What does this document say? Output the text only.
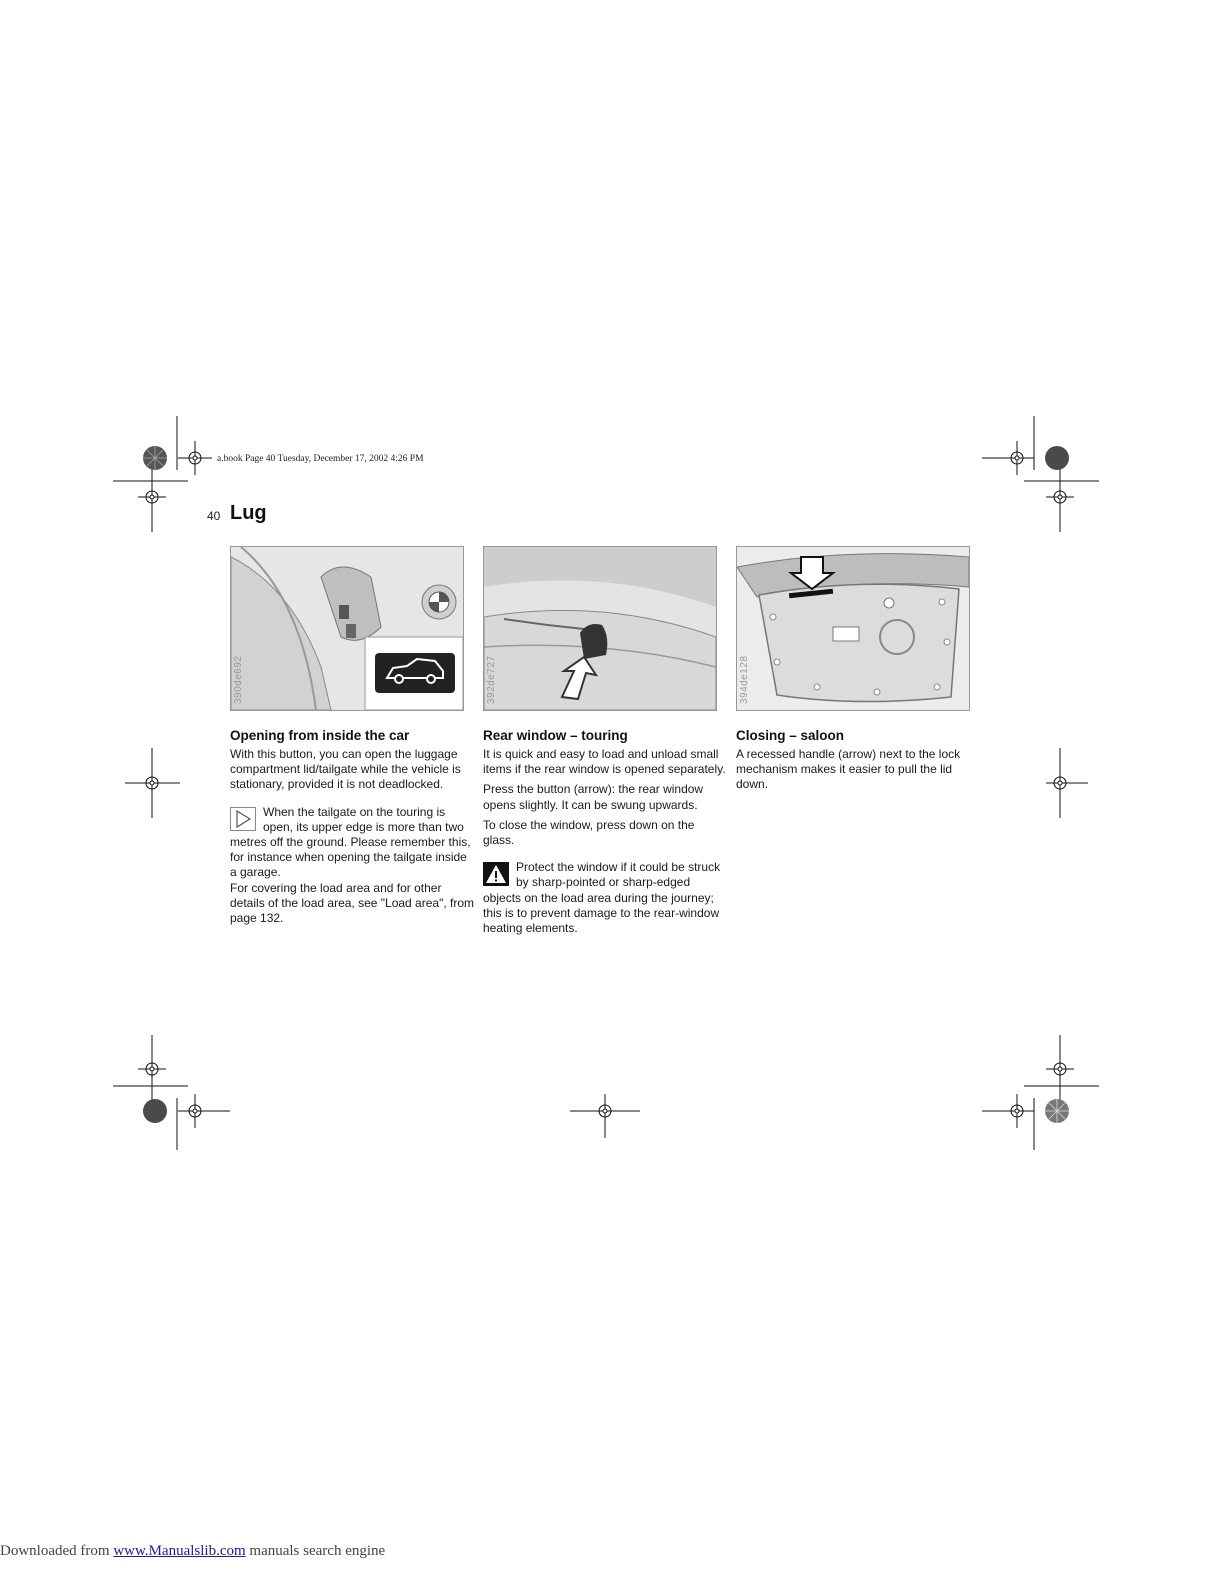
a.book Page 40 Tuesday, December 17, 2002 4:26 PM
40 Lug
390de692	392de727	394de128
Opening from inside the car

With this button, you can open the luggage compartment lid/tailgate while the vehicle is stationary, provided it is not deadlocked.

When the tailgate on the touring is open, its upper edge is more than two metres off the ground. Please remember this, for instance when opening the tailgate inside a garage.

For covering the load area and for other details of the load area, see "Load area", from page 132.

Rear window – touring

It is quick and easy to load and unload small items if the rear window is opened separately.

Press the button (arrow): the rear window opens slightly. It can be swung upwards.

To close the window, press down on the glass.

Protect the window if it could be struck by sharp-pointed or sharp-edged objects on the load area during the journey; this is to prevent damage to the rear-window heating elements.
Closing – saloon

A recessed handle (arrow) next to the lock mechanism makes it easier to pull the lid down.

Downloaded from www.Manualslib.com manuals search engine
